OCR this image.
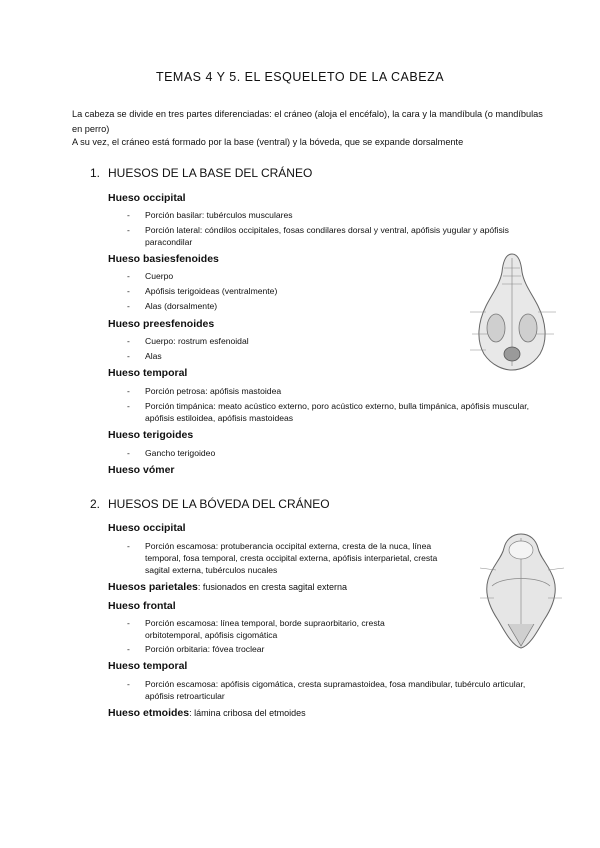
TEMAS 4 Y 5. EL ESQUELETO DE LA CABEZA
La cabeza se divide en tres partes diferenciadas: el cráneo (aloja el encéfalo), la cara y la mandíbula (o mandíbulas en perro)
A su vez, el cráneo está formado por la base (ventral) y la bóveda, que se expande dorsalmente
1. HUESOS DE LA BASE DEL CRÁNEO
Hueso occipital
- Porción basilar: tubérculos musculares
- Porción lateral: cóndilos occipitales, fosas condilares dorsal y ventral, apófisis yugular y apófisis paracondilar
Hueso basiesfenoides
- Cuerpo
- Apófisis terigoideas (ventralmente)
- Alas (dorsalmente)
Hueso preesfenoides
- Cuerpo: rostrum esfenoidal
- Alas
Hueso temporal
- Porción petrosa: apófisis mastoidea
- Porción timpánica: meato acústico externo, poro acústico externo, bulla timpánica, apófisis muscular, apófisis estiloidea, apófisis mastoideas
Hueso terigoides
- Gancho terigoideo
Hueso vómer
2. HUESOS DE LA BÓVEDA DEL CRÁNEO
Hueso occipital
- Porción escamosa: protuberancia occipital externa, cresta de la nuca, línea temporal, fosa temporal, cresta occipital externa, apófisis interparietal, cresta sagital externa, tubérculos nucales
Huesos parietales: fusionados en cresta sagital externa
Hueso frontal
- Porción escamosa: línea temporal, borde supraorbitario, cresta orbitotemporal, apófisis cigomática
- Porción orbitaria: fóvea troclear
Hueso temporal
- Porción escamosa: apófisis cigomática, cresta supramastoidea, fosa mandibular, tubérculo articular, apófisis retroarticular
Hueso etmoides: lámina cribosa del etmoides
